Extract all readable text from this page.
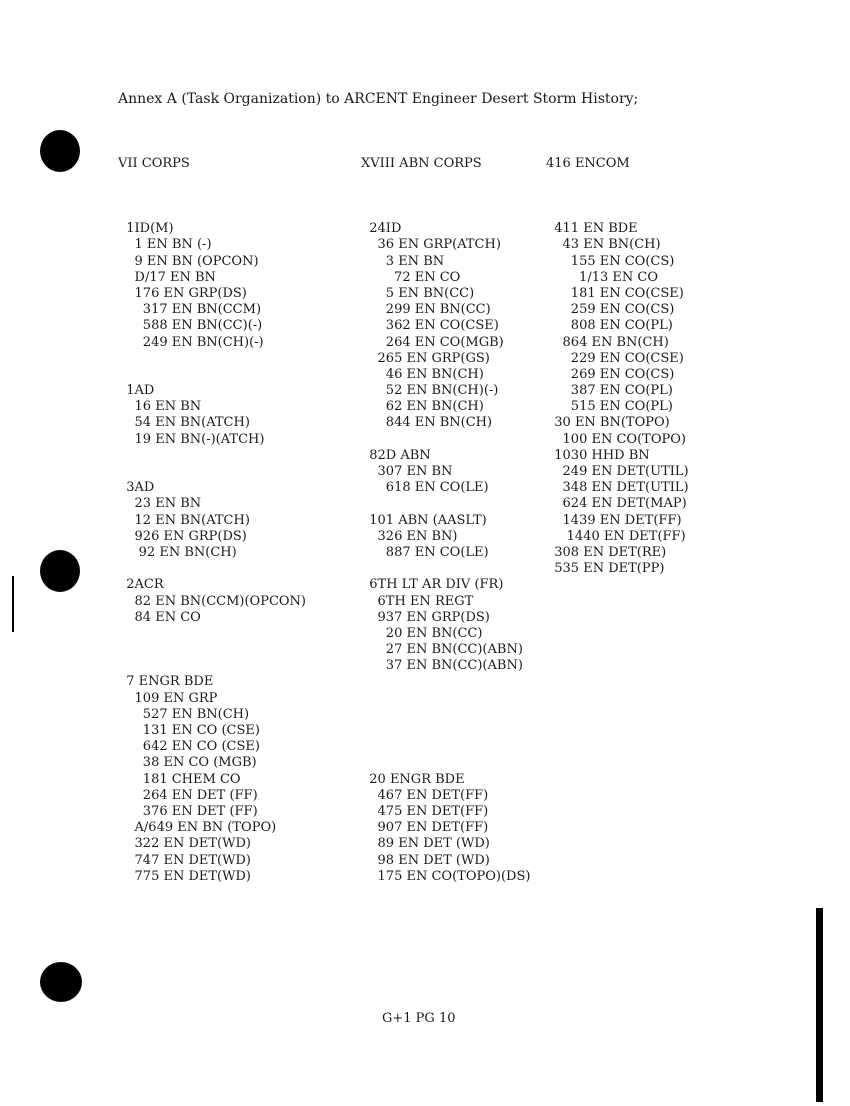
Annex A (Task Organization) to ARCENT Engineer Desert Storm History;

VII CORPS

1ID(M)
1 EN BN (-)
9 EN BN (OPCON)
D/17 EN BN
176 EN GRP(DS)
317 EN BN(CCM)
588 EN BN(CC)(-)
249 EN BN(CH)(-)
1AD
16 EN BN
54 EN BN(ATCH)
19 EN BN(-)(ATCH)
3AD
23 EN BN
12 EN BN(ATCH)
926 EN GRP(DS)
92 EN BN(CH)
2ACR
82 EN BN(CCM)(OPCON)
84 EN CO
7 ENGR BDE
109 EN GRP
527 EN BN(CH)
131 EN CO (CSE)
642 EN CO (CSE)
38 EN CO (MGB)
181 CHEM CO
264 EN DET (FF)
376 EN DET (FF)
A/649 EN BN (TOPO)
322 EN DET(WD)
747 EN DET(WD)
775 EN DET(WD)

XVIII ABN CORPS

24ID
36 EN GRP(ATCH)
3 EN BN
72 EN CO
5 EN BN(CC)
299 EN BN(CC)
362 EN CO(CSE)
264 EN CO(MGB)
265 EN GRP(GS)
46 EN BN(CH)
52 EN BN(CH)(-)
62 EN BN(CH)
844 EN BN(CH)
82D ABN
307 EN BN
618 EN CO(LE)
101 ABN (AASLT)
326 EN BN)
887 EN CO(LE)
6TH LT AR DIV (FR)
6TH EN REGT
937 EN GRP(DS)
20 EN BN(CC)
27 EN BN(CC)(ABN)
37 EN BN(CC)(ABN)
20 ENGR BDE
467 EN DET(FF)
475 EN DET(FF)
907 EN DET(FF)
89 EN DET (WD)
98 EN DET (WD)
175 EN CO(TOPO)(DS)

416 ENCOM

411 EN BDE
43 EN BN(CH)
155 EN CO(CS)
1/13 EN CO
181 EN CO(CSE)
259 EN CO(CS)
808 EN CO(PL)
864 EN BN(CH)
229 EN CO(CSE)
269 EN CO(CS)
387 EN CO(PL)
515 EN CO(PL)
30 EN BN(TOPO)
100 EN CO(TOPO)
1030 HHD BN
249 EN DET(UTIL)
348 EN DET(UTIL)
624 EN DET(MAP)
1439 EN DET(FF)
1440 EN DET(FF)
308 EN DET(RE)
535 EN DET(PP)

G+1 PG 10
